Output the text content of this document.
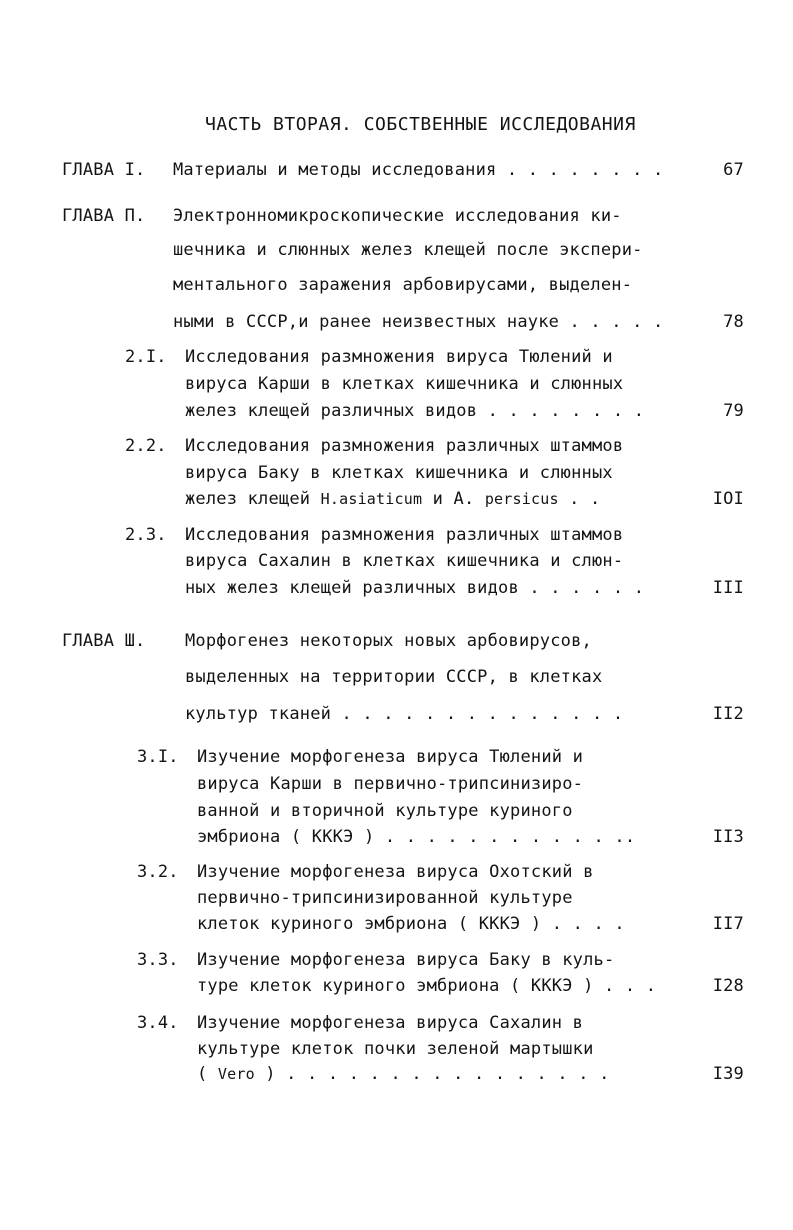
ЧАСТЬ ВТОРАЯ. СОБСТВЕННЫЕ ИССЛЕДОВАНИЯ
ГЛАВА I. Материалы и методы исследования . . . . . . . .	67
ГЛАВА П. Электронномикроскопические исследования ки-
шечника и слюнных желез клещей после экспери-
ментального заражения арбовирусами, выделен-
ными в СССР,и ранее неизвестных науке . . . . .	78
2.I. Исследования размножения вируса Тюлений и
вируса Карши в клетках кишечника и слюнных
желез клещей различных видов . . . . . . . .	79
2.2. Исследования размножения различных штаммов
вируса Баку в клетках кишечника и слюнных
желез клещей H.asiaticum и А. persicus . .	IOI
2.3. Исследования размножения различных штаммов
вируса Сахалин в клетках кишечника и слюн-
ных желез клещей различных видов . . . . . .	III
ГЛАВА Ш. Морфогенез некоторых новых арбовирусов,
выделенных на территории СССР, в клетках
культур тканей . . . . . . . . . . . . . .	II2
3.I. Изучение морфогенеза вируса Тюлений и
вируса Карши в первично-трипсинизиро-
ванной и вторичной культуре куриного
эмбриона ( КККЭ ) . . . . . . . . . . . ..	II3
3.2. Изучение морфогенеза вируса Охотский в
первично-трипсинизированной культуре
клеток куриного эмбриона ( КККЭ ) . . . .	II7
3.3. Изучение морфогенеза вируса Баку в куль-
туре клеток куриного эмбриона ( КККЭ ) . . .	I28
3.4. Изучение морфогенеза вируса Сахалин в
культуре клеток почки зеленой мартышки
( Vero ) . . . . . . . . . . . . . . . .	I39
